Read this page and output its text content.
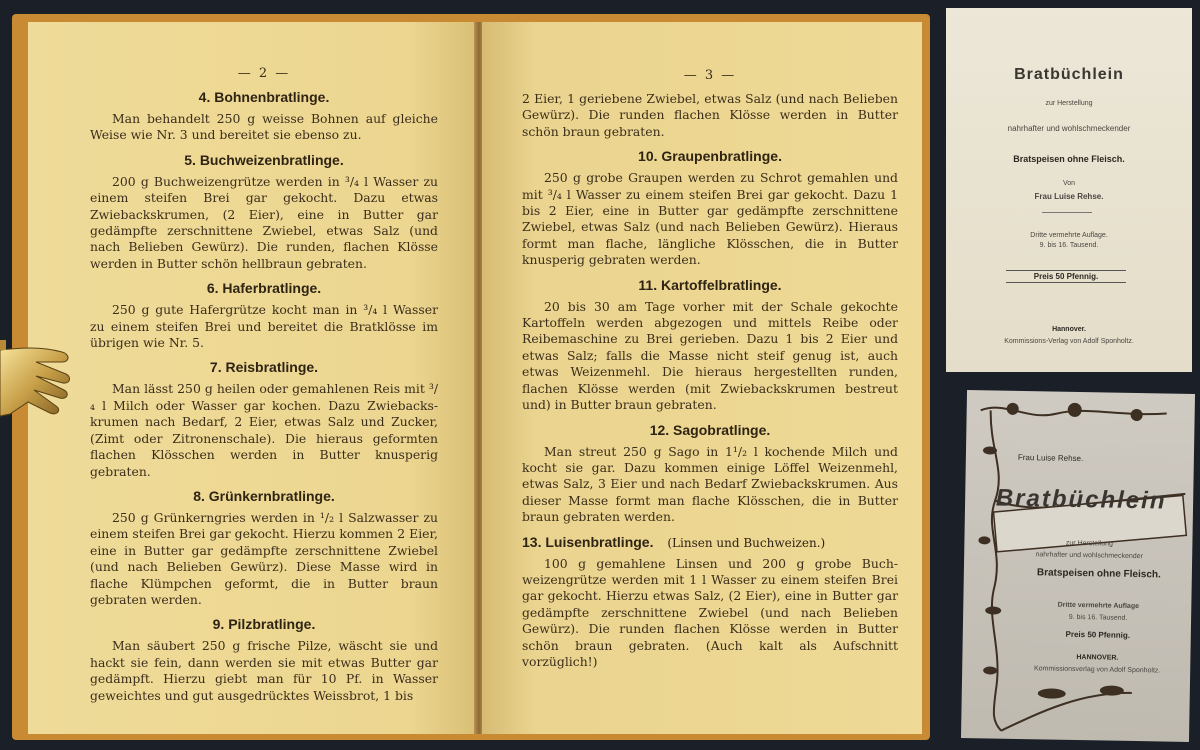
— 2 —
4. Bohnenbratlinge.

Man behandelt 250 g weisse Bohnen auf gleiche Weise wie Nr. 3 und bereitet sie ebenso zu.

5. Buchweizenbratlinge.

200 g Buchweizengrütze werden in ³/₄ l Wasser zu einem steifen Brei gar gekocht. Dazu etwas Zwiebackskrumen, (2 Eier), eine in Butter gar gedämpfte zerschnittene Zwiebel, etwas Salz (und nach Belieben Gewürz). Die runden, flachen Klösse werden in Butter schön hellbraun gebraten.

6. Haferbratlinge.

250 g gute Hafergrütze kocht man in ³/₄ l Wasser zu einem steifen Brei und bereitet die Bratklösse im übrigen wie Nr. 5.

7. Reisbratlinge.

Man lässt 250 g heilen oder gemahlenen Reis mit ³/₄ l Milch oder Wasser gar kochen. Dazu Zwiebackskrumen nach Bedarf, 2 Eier, etwas Salz und Zucker, (Zimt oder Zitronenschale). Die hieraus geformten flachen Klösschen werden in Butter knusperig gebraten.

8. Grünkernbratlinge.

250 g Grünkerngries werden in ¹/₂ l Salzwasser zu einem steifen Brei gar gekocht. Hierzu kommen 2 Eier, eine in Butter gar gedämpfte zerschnittene Zwiebel (und nach Belieben Gewürz). Diese Masse wird in flache Klümpchen geformt, die in Butter braun gebraten werden.

9. Pilzbratlinge.

Man säubert 250 g frische Pilze, wäscht sie und hackt sie fein, dann werden sie mit etwas Butter gar gedämpft. Hierzu giebt man für 10 Pf. in Wasser geweichtes und gut ausgedrücktes Weissbrot, 1 bis

— 3 —

2 Eier, 1 geriebene Zwiebel, etwas Salz (und nach Belieben Gewürz). Die runden flachen Klösse werden in Butter schön braun gebraten.

10. Graupenbratlinge.

250 g grobe Graupen werden zu Schrot gemahlen und mit ³/₄ l Wasser zu einem steifen Brei gar gekocht. Dazu 1 bis 2 Eier, eine in Butter gar gedämpfte zerschnittene Zwiebel, etwas Salz (und nach Belieben Gewürz). Hieraus formt man flache, längliche Klösschen, die in Butter knusperig gebraten werden.

11. Kartoffelbratlinge.

20 bis 30 am Tage vorher mit der Schale gekochte Kartoffeln werden abgezogen und mittels Reibe oder Reibemaschine zu Brei gerieben. Dazu 1 bis 2 Eier und etwas Salz; falls die Masse nicht steif genug ist, auch etwas Weizenmehl. Die hieraus hergestellten runden, flachen Klösse werden (mit Zwiebackskrumen bestreut und) in Butter braun gebraten.

12. Sagobratlinge.

Man streut 250 g Sago in 1¹/₂ l kochende Milch und kocht sie gar. Dazu kommen einige Löffel Weizenmehl, etwas Salz, 3 Eier und nach Bedarf Zwiebackskrumen. Aus dieser Masse formt man flache Klösschen, die in Butter braun gebraten werden.

13. Luisenbratlinge. (Linsen und Buchweizen.)

100 g gemahlene Linsen und 200 g grobe Buchweizengrütze werden mit 1 l Wasser zu einem steifen Brei gar gekocht. Hierzu etwas Salz, (2 Eier), eine in Butter gar gedämpfte zerschnittene Zwiebel (und nach Belieben Gewürz). Die runden flachen Klösse werden in Butter schön braun gebraten. (Auch kalt als Aufschnitt vorzüglich!)

Bratbüchlein
zur Herstellung
nahrhafter und wohlschmeckender
Bratspeisen ohne Fleisch.
Von
Frau Luise Rehse.
Dritte vermehrte Auflage.
9. bis 16. Tausend.
Preis 50 Pfennig.
Hannover.
Kommissions-Verlag von Adolf Sponholtz.
Frau Luise Rehse.
Bratbüchlein
zur Herstellung
nahrhafter und wohlschmeckender
Bratspeisen ohne Fleisch.
Dritte vermehrte Auflage
9. bis 16. Tausend.
Preis 50 Pfennig.
HANNOVER.
Kommissionsverlag von Adolf Sponholtz.
